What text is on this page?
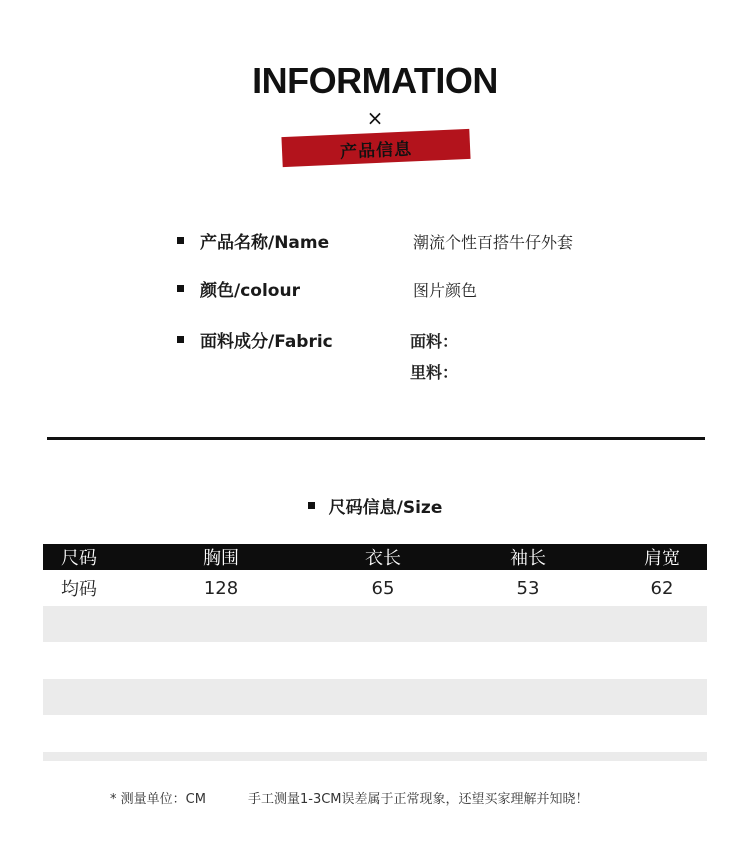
INFORMATION
×
产品信息
产品名称/Name	潮流个性百搭牛仔外套
颜色/colour	图片颜色
面料成分/Fabric	面料：
里料：
尺码信息/Size
尺码	胸围	衣长	袖长	肩宽
均码	128	65	53	62
* 测量单位：CM	手工测量1-3CM误差属于正常现象，还望买家理解并知晓！
